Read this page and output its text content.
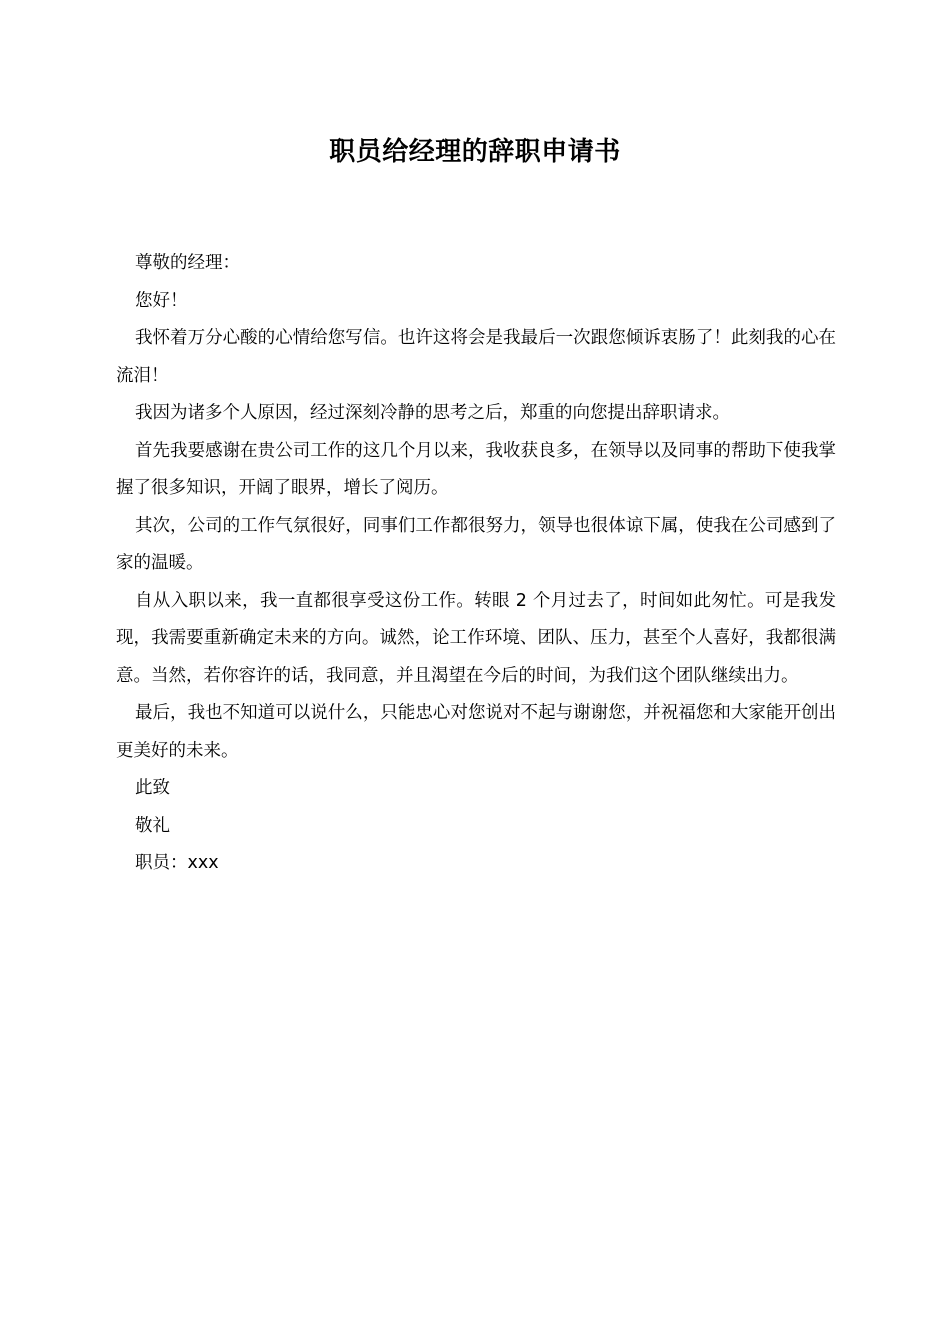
职员给经理的辞职申请书

尊敬的经理：

您好！

我怀着万分心酸的心情给您写信。也许这将会是我最后一次跟您倾诉衷肠了！此刻我的心在流泪！

我因为诸多个人原因，经过深刻冷静的思考之后，郑重的向您提出辞职请求。

首先我要感谢在贵公司工作的这几个月以来，我收获良多，在领导以及同事的帮助下使我掌握了很多知识，开阔了眼界，增长了阅历。

其次，公司的工作气氛很好，同事们工作都很努力，领导也很体谅下属，使我在公司感到了家的温暖。

自从入职以来，我一直都很享受这份工作。转眼 2 个月过去了，时间如此匆忙。可是我发现，我需要重新确定未来的方向。诚然，论工作环境、团队、压力，甚至个人喜好，我都很满意。当然，若你容许的话，我同意，并且渴望在今后的时间，为我们这个团队继续出力。

最后，我也不知道可以说什么，只能忠心对您说对不起与谢谢您，并祝福您和大家能开创出更美好的未来。

此致

敬礼

职员：xxx
